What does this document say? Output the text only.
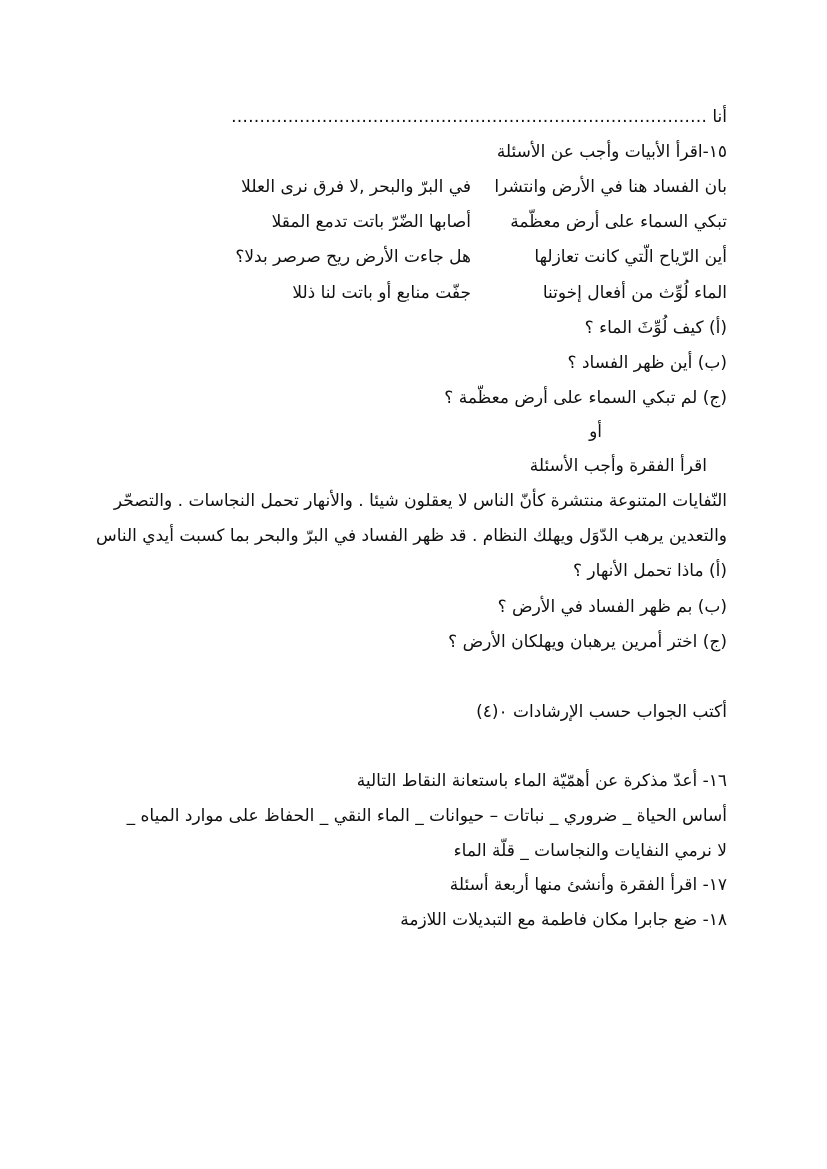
أنا …………………………………………………………………………
١٥-اقرأ الأبيات وأجب عن الأسئلة
بان الفساد هنا في الأرض وانتشرا
في البرّ والبحر ,لا فرق نرى العللا
تبكي السماء على أرض معظّمة
أصابها الضّرّ باتت تدمع المقلا
أين الرّياح الّتي كانت تعازلها
هل جاءت الأرض ريح صرصر بدلا؟
الماء لُوِّث من أفعال إخوتنا
جفّت منابع أو باتت لنا ذللا
(أ) كيف لُوِّثَ الماء ؟
(ب) أين ظهر الفساد ؟
(ج) لم تبكي السماء على أرض معظّمة ؟
أو
اقرأ الفقرة وأجب الأسئلة
النّفايات المتنوعة منتشرة كأنّ الناس لا يعقلون شيئا . والأنهار تحمل النجاسات . والتصحّر
والتعدين يرهب الدّوَل ويهلك النظام . قد ظهر الفساد في البرّ والبحر بما كسبت أيدي الناس
(أ) ماذا تحمل الأنهار ؟
(ب) بم ظهر الفساد في الأرض ؟
(ج) اختر أمرين يرهبان ويهلكان الأرض ؟
أكتب الجواب حسب الإرشادات ٠(٤)
١٦- أعدّ مذكرة عن أهمّيّة الماء باستعانة النقاط التالية
أساس الحياة _ ضروري _ نباتات – حيوانات _ الماء النقي _ الحفاظ على موارد المياه _
لا نرمي النفايات والنجاسات _ قلّة الماء
١٧- اقرأ الفقرة وأنشئ منها أربعة أسئلة
١٨- ضع جابرا مكان فاطمة مع التبديلات اللازمة
